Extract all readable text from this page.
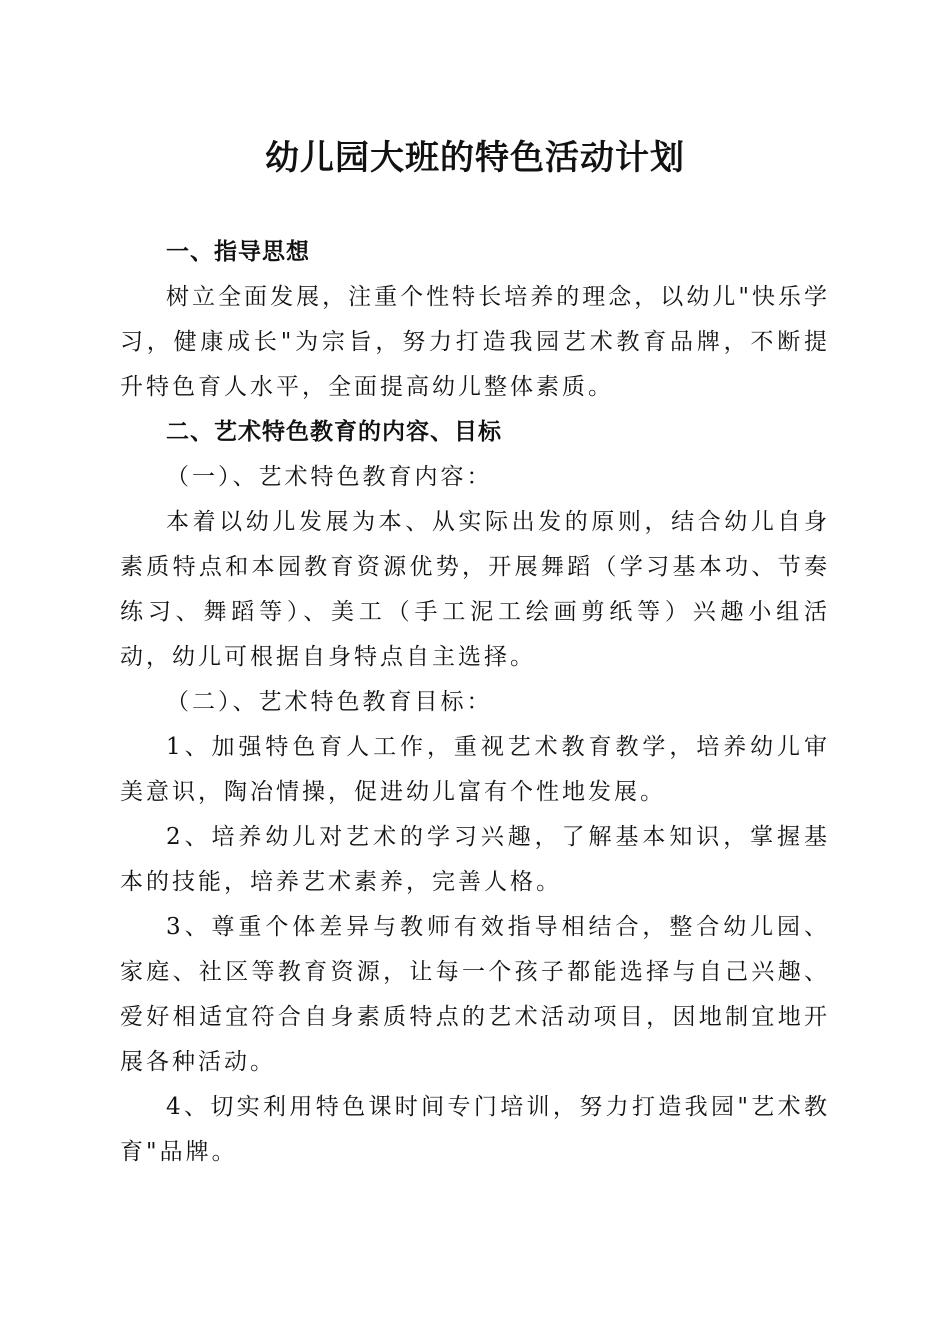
幼儿园大班的特色活动计划

一、指导思想

树立全面发展，注重个性特长培养的理念，以幼儿"快乐学习，健康成长"为宗旨，努力打造我园艺术教育品牌，不断提升特色育人水平，全面提高幼儿整体素质。

二、艺术特色教育的内容、目标

（一）、艺术特色教育内容：

本着以幼儿发展为本、从实际出发的原则，结合幼儿自身素质特点和本园教育资源优势，开展舞蹈（学习基本功、节奏练习、舞蹈等）、美工（手工泥工绘画剪纸等）兴趣小组活动，幼儿可根据自身特点自主选择。

（二）、艺术特色教育目标：

1、加强特色育人工作，重视艺术教育教学，培养幼儿审美意识，陶冶情操，促进幼儿富有个性地发展。

2、培养幼儿对艺术的学习兴趣，了解基本知识，掌握基本的技能，培养艺术素养，完善人格。

3、尊重个体差异与教师有效指导相结合，整合幼儿园、家庭、社区等教育资源，让每一个孩子都能选择与自己兴趣、爱好相适宜符合自身素质特点的艺术活动项目，因地制宜地开展各种活动。

4、切实利用特色课时间专门培训，努力打造我园"艺术教育"品牌。
